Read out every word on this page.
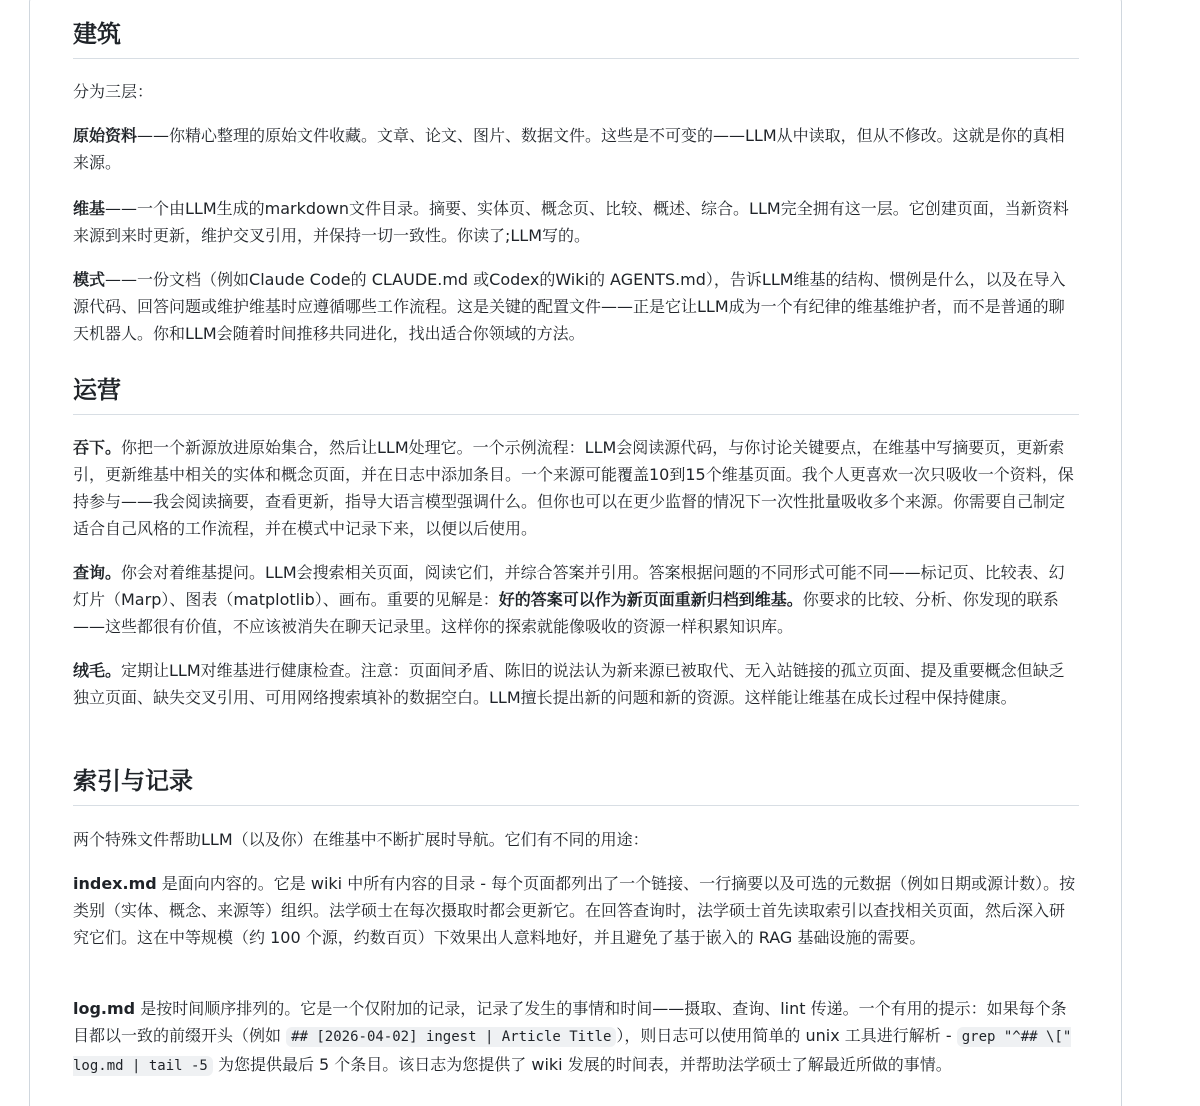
建筑

分为三层：

原始资料——你精心整理的原始文件收藏。文章、论文、图片、数据文件。这些是不可变的——LLM从中读取，但从不修改。这就是你的真相来源。

维基——一个由LLM生成的markdown文件目录。摘要、实体页、概念页、比较、概述、综合。LLM完全拥有这一层。它创建页面，当新资料来源到来时更新，维护交叉引用，并保持一切一致性。你读了;LLM写的。

模式——一份文档（例如Claude Code的 CLAUDE.md 或Codex的Wiki的 AGENTS.md），告诉LLM维基的结构、惯例是什么，以及在导入源代码、回答问题或维护维基时应遵循哪些工作流程。这是关键的配置文件——正是它让LLM成为一个有纪律的维基维护者，而不是普通的聊天机器人。你和LLM会随着时间推移共同进化，找出适合你领域的方法。

运营

吞下。你把一个新源放进原始集合，然后让LLM处理它。一个示例流程：LLM会阅读源代码，与你讨论关键要点，在维基中写摘要页，更新索引，更新维基中相关的实体和概念页面，并在日志中添加条目。一个来源可能覆盖10到15个维基页面。我个人更喜欢一次只吸收一个资料，保持参与——我会阅读摘要，查看更新，指导大语言模型强调什么。但你也可以在更少监督的情况下一次性批量吸收多个来源。你需要自己制定适合自己风格的工作流程，并在模式中记录下来，以便以后使用。

查询。你会对着维基提问。LLM会搜索相关页面，阅读它们，并综合答案并引用。答案根据问题的不同形式可能不同——标记页、比较表、幻灯片（Marp）、图表（matplotlib）、画布。重要的见解是：好的答案可以作为新页面重新归档到维基。你要求的比较、分析、你发现的联系——这些都很有价值，不应该被消失在聊天记录里。这样你的探索就能像吸收的资源一样积累知识库。

绒毛。定期让LLM对维基进行健康检查。注意：页面间矛盾、陈旧的说法认为新来源已被取代、无入站链接的孤立页面、提及重要概念但缺乏独立页面、缺失交叉引用、可用网络搜索填补的数据空白。LLM擅长提出新的问题和新的资源。这样能让维基在成长过程中保持健康。

索引与记录

两个特殊文件帮助LLM（以及你）在维基中不断扩展时导航。它们有不同的用途：

index.md 是面向内容的。它是 wiki 中所有内容的目录 - 每个页面都列出了一个链接、一行摘要以及可选的元数据（例如日期或源计数）。按类别（实体、概念、来源等）组织。法学硕士在每次摄取时都会更新它。在回答查询时，法学硕士首先读取索引以查找相关页面，然后深入研究它们。这在中等规模（约 100 个源，约数百页）下效果出人意料地好，并且避免了基于嵌入的 RAG 基础设施的需要。

log.md 是按时间顺序排列的。它是一个仅附加的记录，记录了发生的事情和时间——摄取、查询、lint 传递。一个有用的提示：如果每个条目都以一致的前缀开头（例如 ## [2026-04-02] ingest | Article Title ），则日志可以使用简单的 unix 工具进行解析 - grep "^## \[" log.md | tail -5 为您提供最后 5 个条目。该日志为您提供了 wiki 发展的时间表，并帮助法学硕士了解最近所做的事情。
